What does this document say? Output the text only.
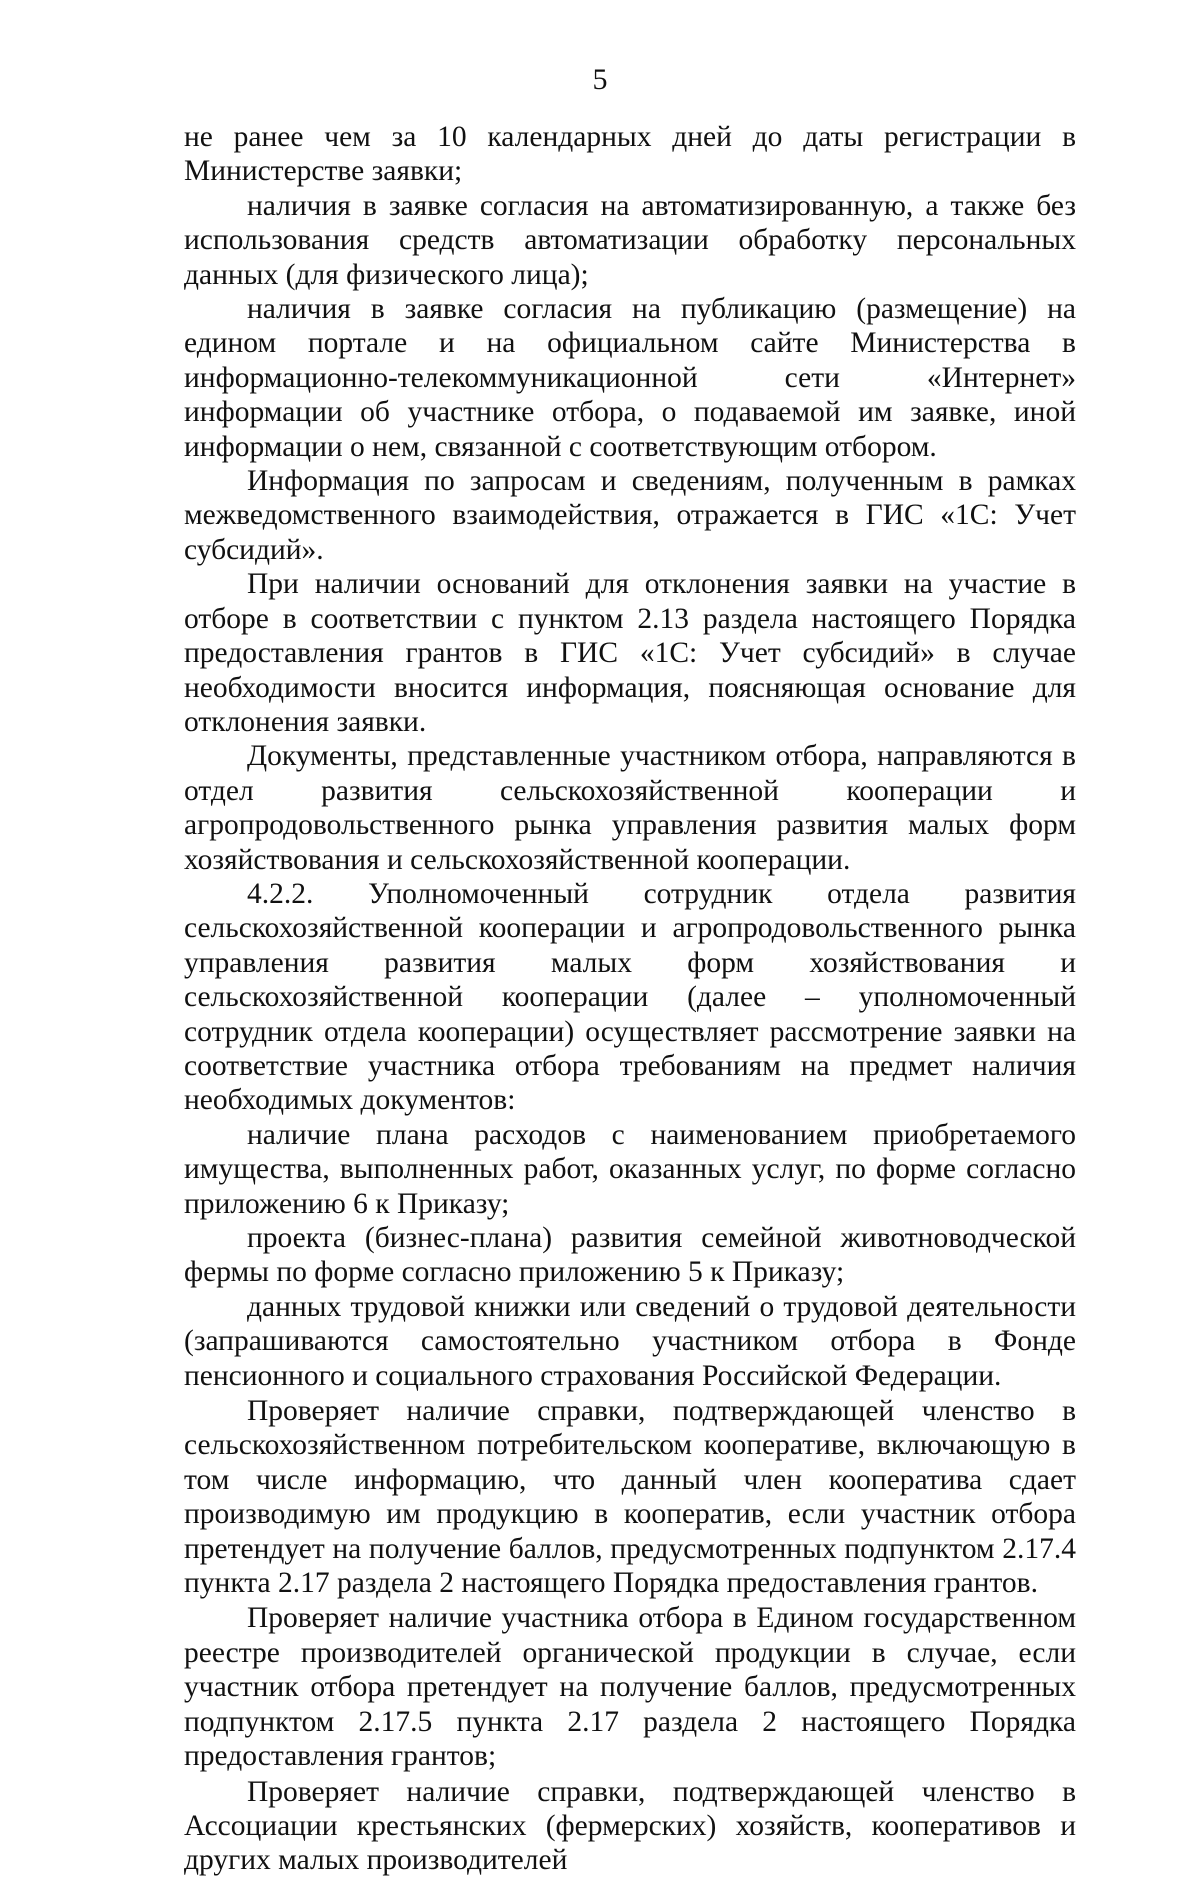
5

не ранее чем за 10 календарных дней до даты регистрации в Министерстве заявки;

наличия в заявке согласия на автоматизированную, а также без использования средств автоматизации обработку персональных данных (для физического лица);

наличия в заявке согласия на публикацию (размещение) на едином портале и на официальном сайте Министерства в информационно-телекоммуникационной сети «Интернет» информации об участнике отбора, о подаваемой им заявке, иной информации о нем, связанной с соответствующим отбором.

Информация по запросам и сведениям, полученным в рамках межведомственного взаимодействия, отражается в ГИС «1С: Учет субсидий».

При наличии оснований для отклонения заявки на участие в отборе в соответствии с пунктом 2.13 раздела настоящего Порядка предоставления грантов в ГИС «1С: Учет субсидий» в случае необходимости вносится информация, поясняющая основание для отклонения заявки.

Документы, представленные участником отбора, направляются в отдел развития сельскохозяйственной кооперации и агропродовольственного рынка управления развития малых форм хозяйствования и сельскохозяйственной кооперации.

4.2.2. Уполномоченный сотрудник отдела развития сельскохозяйственной кооперации и агропродовольственного рынка управления развития малых форм хозяйствования и сельскохозяйственной кооперации (далее – уполномоченный сотрудник отдела кооперации) осуществляет рассмотрение заявки на соответствие участника отбора требованиям на предмет наличия необходимых документов:

наличие плана расходов с наименованием приобретаемого имущества, выполненных работ, оказанных услуг, по форме согласно приложению 6 к Приказу;

проекта (бизнес-плана) развития семейной животноводческой фермы по форме согласно приложению 5 к Приказу;

данных трудовой книжки или сведений о трудовой деятельности (запрашиваются самостоятельно участником отбора в Фонде пенсионного и социального страхования Российской Федерации.

Проверяет наличие справки, подтверждающей членство в сельскохозяйственном потребительском кооперативе, включающую в том числе информацию, что данный член кооператива сдает производимую им продукцию в кооператив, если участник отбора претендует на получение баллов, предусмотренных подпунктом 2.17.4 пункта 2.17 раздела 2 настоящего Порядка предоставления грантов.

Проверяет наличие участника отбора в Едином государственном реестре производителей органической продукции в случае, если участник отбора претендует на получение баллов, предусмотренных подпунктом 2.17.5 пункта 2.17 раздела 2 настоящего Порядка предоставления грантов;

Проверяет наличие справки, подтверждающей членство в Ассоциации крестьянских (фермерских) хозяйств, кооперативов и других малых производителей
